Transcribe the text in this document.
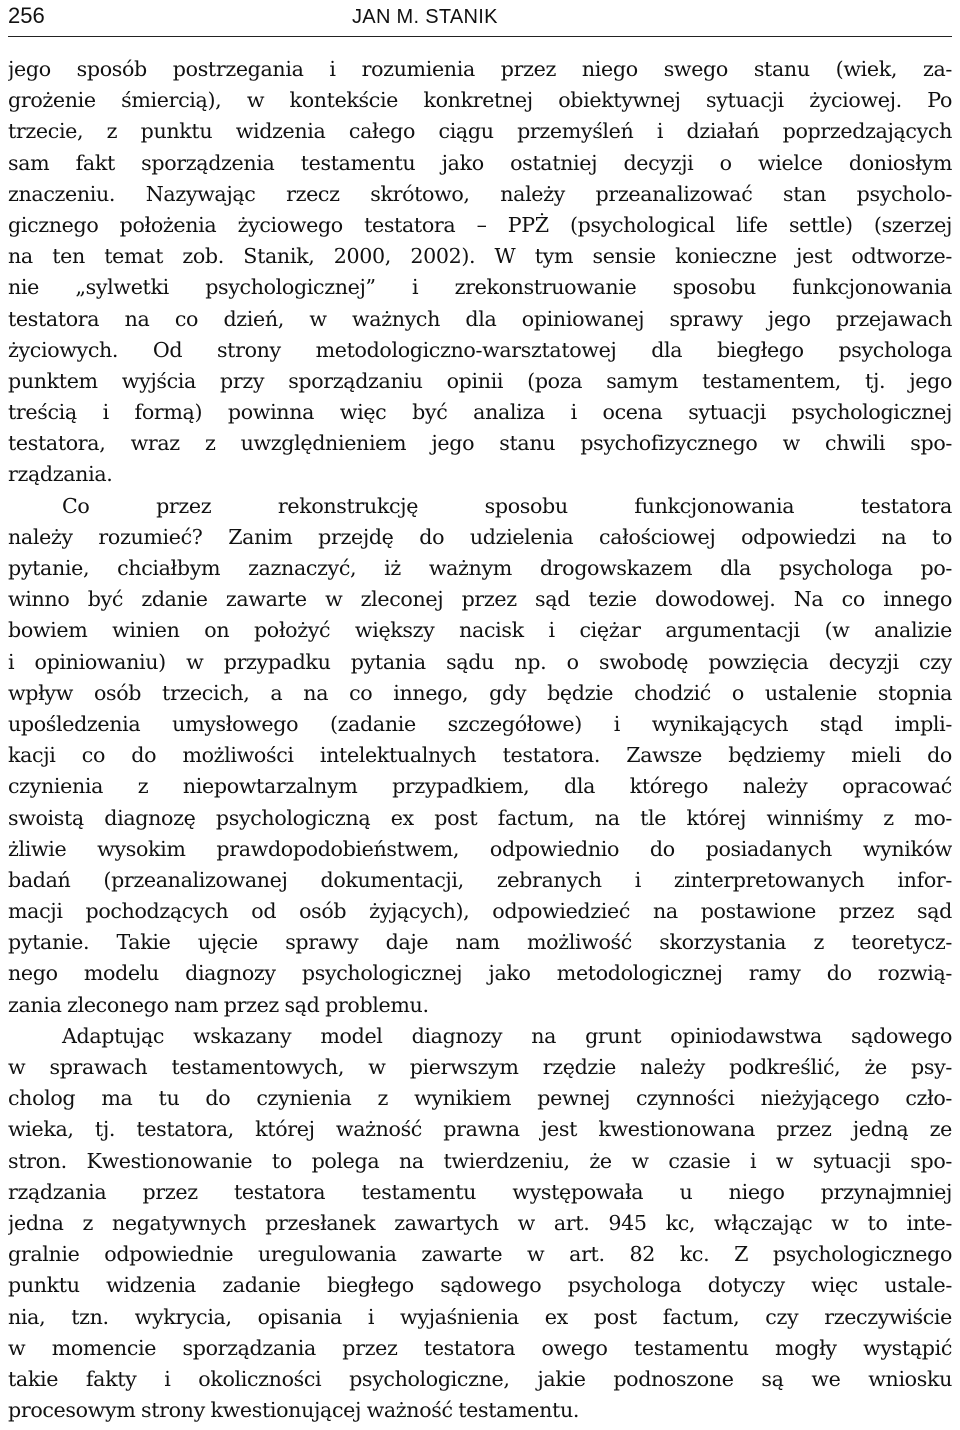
256	JAN M. STANIK
jego sposób postrzegania i rozumienia przez niego swego stanu (wiek, za-
grożenie śmiercią), w kontekście konkretnej obiektywnej sytuacji życiowej. Po
trzecie, z punktu widzenia całego ciągu przemyśleń i działań poprzedzających
sam fakt sporządzenia testamentu jako ostatniej decyzji o wielce doniosłym
znaczeniu. Nazywając rzecz skrótowo, należy przeanalizować stan psycholo-
gicznego położenia życiowego testatora – PPŻ (psychological life settle) (szerzej
na ten temat zob. Stanik, 2000, 2002). W tym sensie konieczne jest odtworze-
nie „sylwetki psychologicznej” i zrekonstruowanie sposobu funkcjonowania
testatora na co dzień, w ważnych dla opiniowanej sprawy jego przejawach
życiowych. Od strony metodologiczno-warsztatowej dla biegłego psychologa
punktem wyjścia przy sporządzaniu opinii (poza samym testamentem, tj. jego
treścią i formą) powinna więc być analiza i ocena sytuacji psychologicznej
testatora, wraz z uwzględnieniem jego stanu psychofizycznego w chwili spo-
rządzania.
Co przez rekonstrukcję sposobu funkcjonowania testatora
należy rozumieć? Zanim przejdę do udzielenia całościowej odpowiedzi na to
pytanie, chciałbym zaznaczyć, iż ważnym drogowskazem dla psychologa po-
winno być zdanie zawarte w zleconej przez sąd tezie dowodowej. Na co innego
bowiem winien on położyć większy nacisk i ciężar argumentacji (w analizie
i opiniowaniu) w przypadku pytania sądu np. o swobodę powzięcia decyzji czy
wpływ osób trzecich, a na co innego, gdy będzie chodzić o ustalenie stopnia
upośledzenia umysłowego (zadanie szczegółowe) i wynikających stąd impli-
kacji co do możliwości intelektualnych testatora. Zawsze będziemy mieli do
czynienia z niepowtarzalnym przypadkiem, dla którego należy opracować
swoistą diagnozę psychologiczną ex post factum, na tle której winniśmy z mo-
żliwie wysokim prawdopodobieństwem, odpowiednio do posiadanych wyników
badań (przeanalizowanej dokumentacji, zebranych i zinterpretowanych infor-
macji pochodzących od osób żyjących), odpowiedzieć na postawione przez sąd
pytanie. Takie ujęcie sprawy daje nam możliwość skorzystania z teoretycz-
nego modelu diagnozy psychologicznej jako metodologicznej ramy do rozwią-
zania zleconego nam przez sąd problemu.
Adaptując wskazany model diagnozy na grunt opiniodawstwa sądowego
w sprawach testamentowych, w pierwszym rzędzie należy podkreślić, że psy-
cholog ma tu do czynienia z wynikiem pewnej czynności nieżyjącego czło-
wieka, tj. testatora, której ważność prawna jest kwestionowana przez jedną ze
stron. Kwestionowanie to polega na twierdzeniu, że w czasie i w sytuacji spo-
rządzania przez testatora testamentu występowała u niego przynajmniej
jedna z negatywnych przesłanek zawartych w art. 945 kc, włączając w to inte-
gralnie odpowiednie uregulowania zawarte w art. 82 kc. Z psychologicznego
punktu widzenia zadanie biegłego sądowego psychologa dotyczy więc ustale-
nia, tzn. wykrycia, opisania i wyjaśnienia ex post factum, czy rzeczywiście
w momencie sporządzania przez testatora owego testamentu mogły wystąpić
takie fakty i okoliczności psychologiczne, jakie podnoszone są we wniosku
procesowym strony kwestionującej ważność testamentu.
